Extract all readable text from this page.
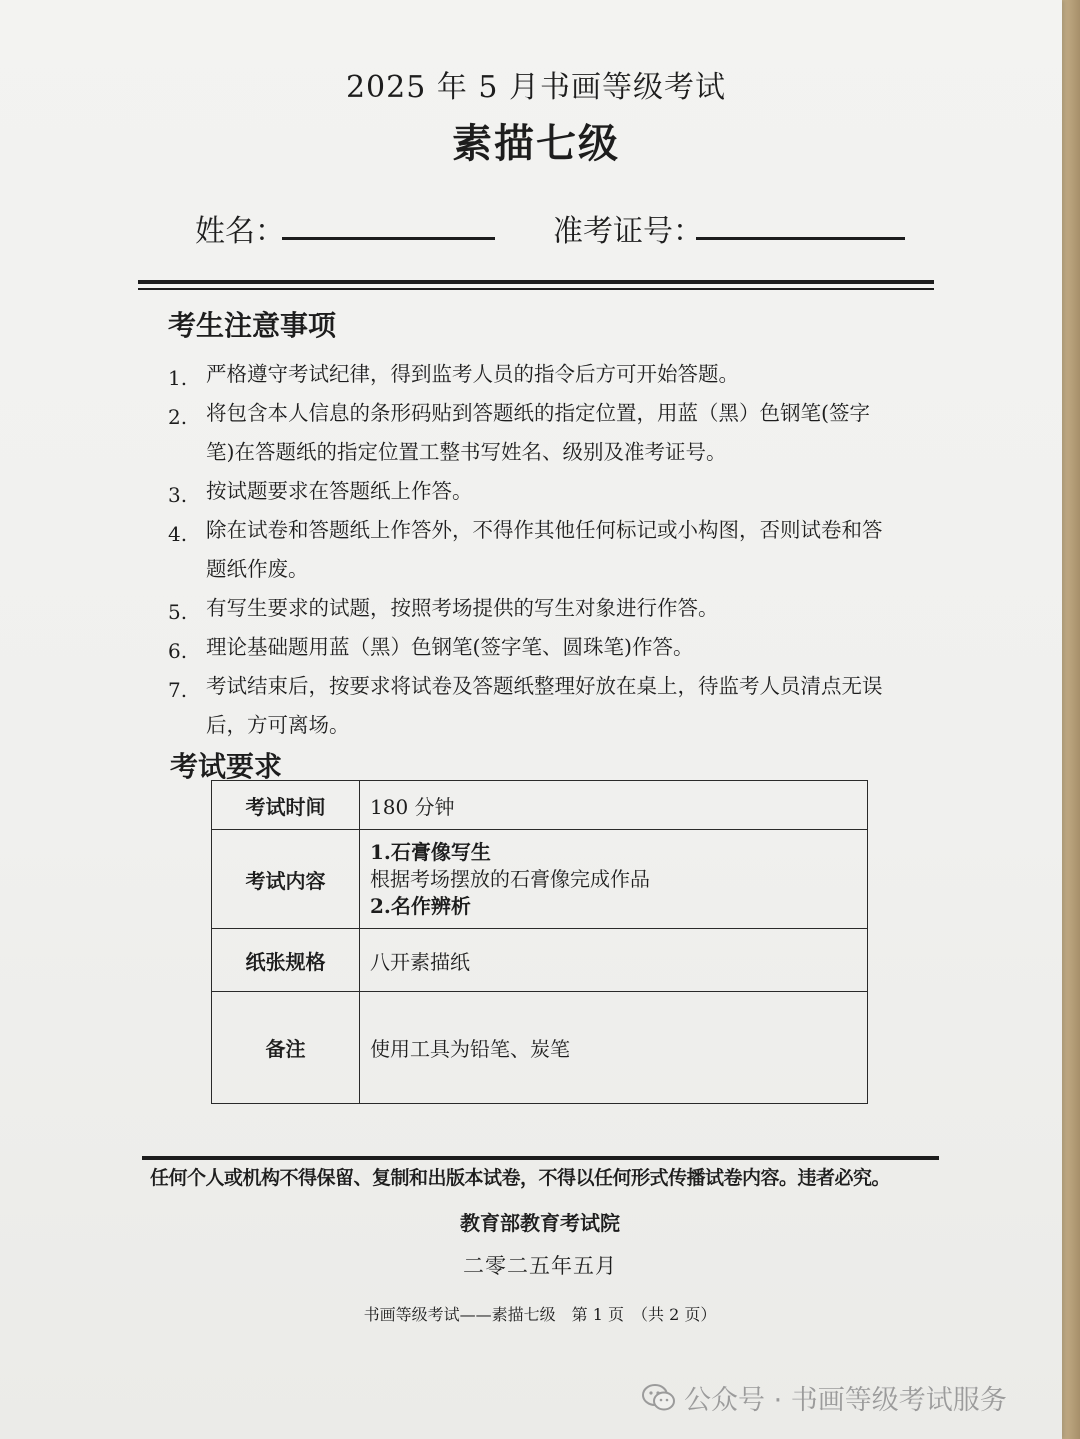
2025 年 5 月书画等级考试
素描七级
姓名：	准考证号：
考生注意事项
1. 严格遵守考试纪律，得到监考人员的指令后方可开始答题。
2. 将包含本人信息的条形码贴到答题纸的指定位置，用蓝（黑）色钢笔(签字
笔)在答题纸的指定位置工整书写姓名、级别及准考证号。
3. 按试题要求在答题纸上作答。
4. 除在试卷和答题纸上作答外，不得作其他任何标记或小构图，否则试卷和答
题纸作废。
5. 有写生要求的试题，按照考场提供的写生对象进行作答。
6. 理论基础题用蓝（黑）色钢笔(签字笔、圆珠笔)作答。
7. 考试结束后，按要求将试卷及答题纸整理好放在桌上，待监考人员清点无误
后，方可离场。
考试要求
考试时间	180 分钟
考试内容	1.石膏像写生
根据考场摆放的石膏像完成作品
2.名作辨析

纸张规格	八开素描纸
备注	使用工具为铅笔、炭笔
任何个人或机构不得保留、复制和出版本试卷，不得以任何形式传播试卷内容。违者必究。
教育部教育考试院
二零二五年五月
书画等级考试——素描七级　第 1 页　（共 2 页）
公众号 · 书画等级考试服务
